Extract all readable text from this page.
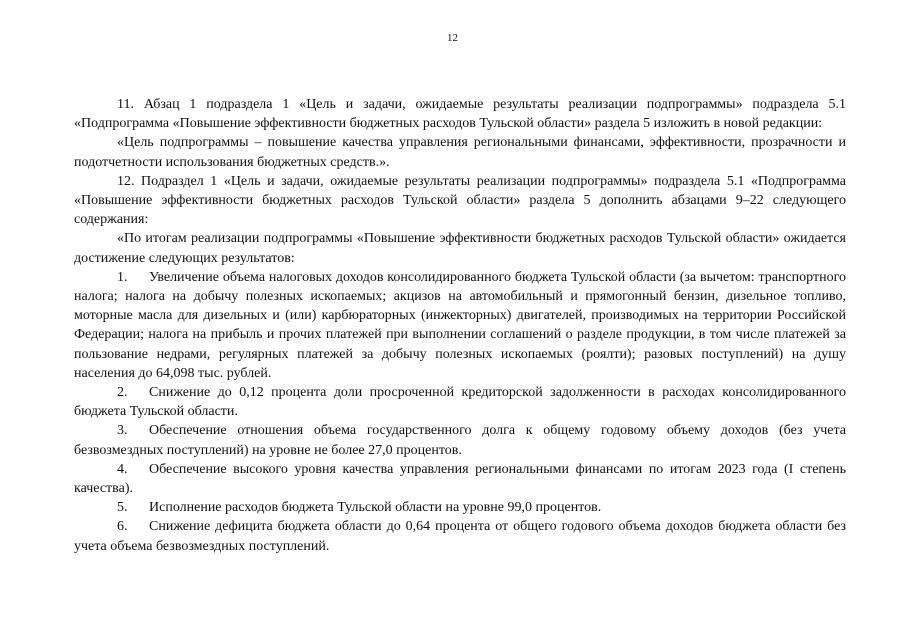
12

11. Абзац 1 подраздела 1 «Цель и задачи, ожидаемые результаты реализации подпрограммы» подраздела 5.1 «Подпрограмма «Повышение эффективности бюджетных расходов Тульской области» раздела 5 изложить в новой редакции:

«Цель подпрограммы – повышение качества управления региональными финансами, эффективности, прозрачности и подотчетности использования бюджетных средств.».

12. Подраздел 1 «Цель и задачи, ожидаемые результаты реализации подпрограммы» подраздела 5.1 «Подпрограмма «Повышение эффективности бюджетных расходов Тульской области» раздела 5 дополнить абзацами 9–22 следующего содержания:

«По итогам реализации подпрограммы «Повышение эффективности бюджетных расходов Тульской области» ожидается достижение следующих результатов:

1. Увеличение объема налоговых доходов консолидированного бюджета Тульской области (за вычетом: транспортного налога; налога на добычу полезных ископаемых; акцизов на автомобильный и прямогонный бензин, дизельное топливо, моторные масла для дизельных и (или) карбюраторных (инжекторных) двигателей, производимых на территории Российской Федерации; налога на прибыль и прочих платежей при выполнении соглашений о разделе продукции, в том числе платежей за пользование недрами, регулярных платежей за добычу полезных ископаемых (роялти); разовых поступлений) на душу населения до 64,098 тыс. рублей.

2. Снижение до 0,12 процента доли просроченной кредиторской задолженности в расходах консолидированного бюджета Тульской области.

3. Обеспечение отношения объема государственного долга к общему годовому объему доходов (без учета безвозмездных поступлений) на уровне не более 27,0 процентов.

4. Обеспечение высокого уровня качества управления региональными финансами по итогам 2023 года (I степень качества).

5. Исполнение расходов бюджета Тульской области на уровне 99,0 процентов.

6. Снижение дефицита бюджета области до 0,64 процента от общего годового объема доходов бюджета области без учета объема безвозмездных поступлений.
